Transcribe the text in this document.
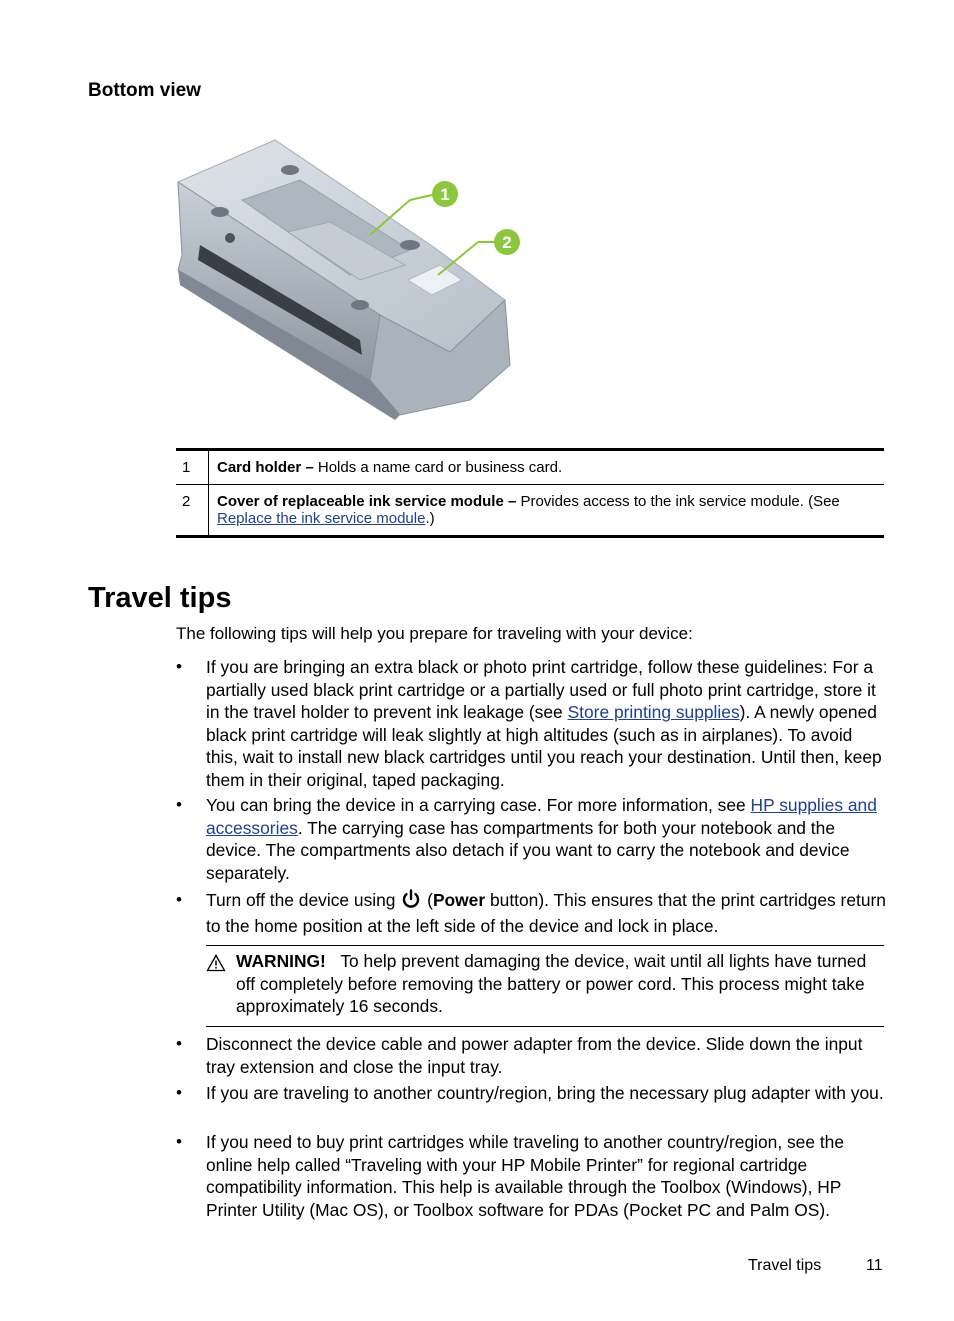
Bottom view
1
2
1	Card holder – Holds a name card or business card.
2	Cover of replaceable ink service module – Provides access to the ink service module. (See Replace the ink service module.)
Travel tips
The following tips will help you prepare for traveling with your device:
• If you are bringing an extra black or photo print cartridge, follow these guidelines: For a partially used black print cartridge or a partially used or full photo print cartridge, store it in the travel holder to prevent ink leakage (see Store printing supplies). A newly opened black print cartridge will leak slightly at high altitudes (such as in airplanes). To avoid this, wait to install new black cartridges until you reach your destination. Until then, keep them in their original, taped packaging.
• You can bring the device in a carrying case. For more information, see HP supplies and accessories. The carrying case has compartments for both your notebook and the device. The compartments also detach if you want to carry the notebook and device separately.
• Turn off the device using  (Power button). This ensures that the print cartridges return to the home position at the left side of the device and lock in place.
WARNING! To help prevent damaging the device, wait until all lights have turned off completely before removing the battery or power cord. This process might take approximately 16 seconds.
• Disconnect the device cable and power adapter from the device. Slide down the input tray extension and close the input tray.
• If you are traveling to another country/region, bring the necessary plug adapter with you.
• If you need to buy print cartridges while traveling to another country/region, see the online help called “Traveling with your HP Mobile Printer” for regional cartridge compatibility information. This help is available through the Toolbox (Windows), HP Printer Utility (Mac OS), or Toolbox software for PDAs (Pocket PC and Palm OS).
Travel tips	11
